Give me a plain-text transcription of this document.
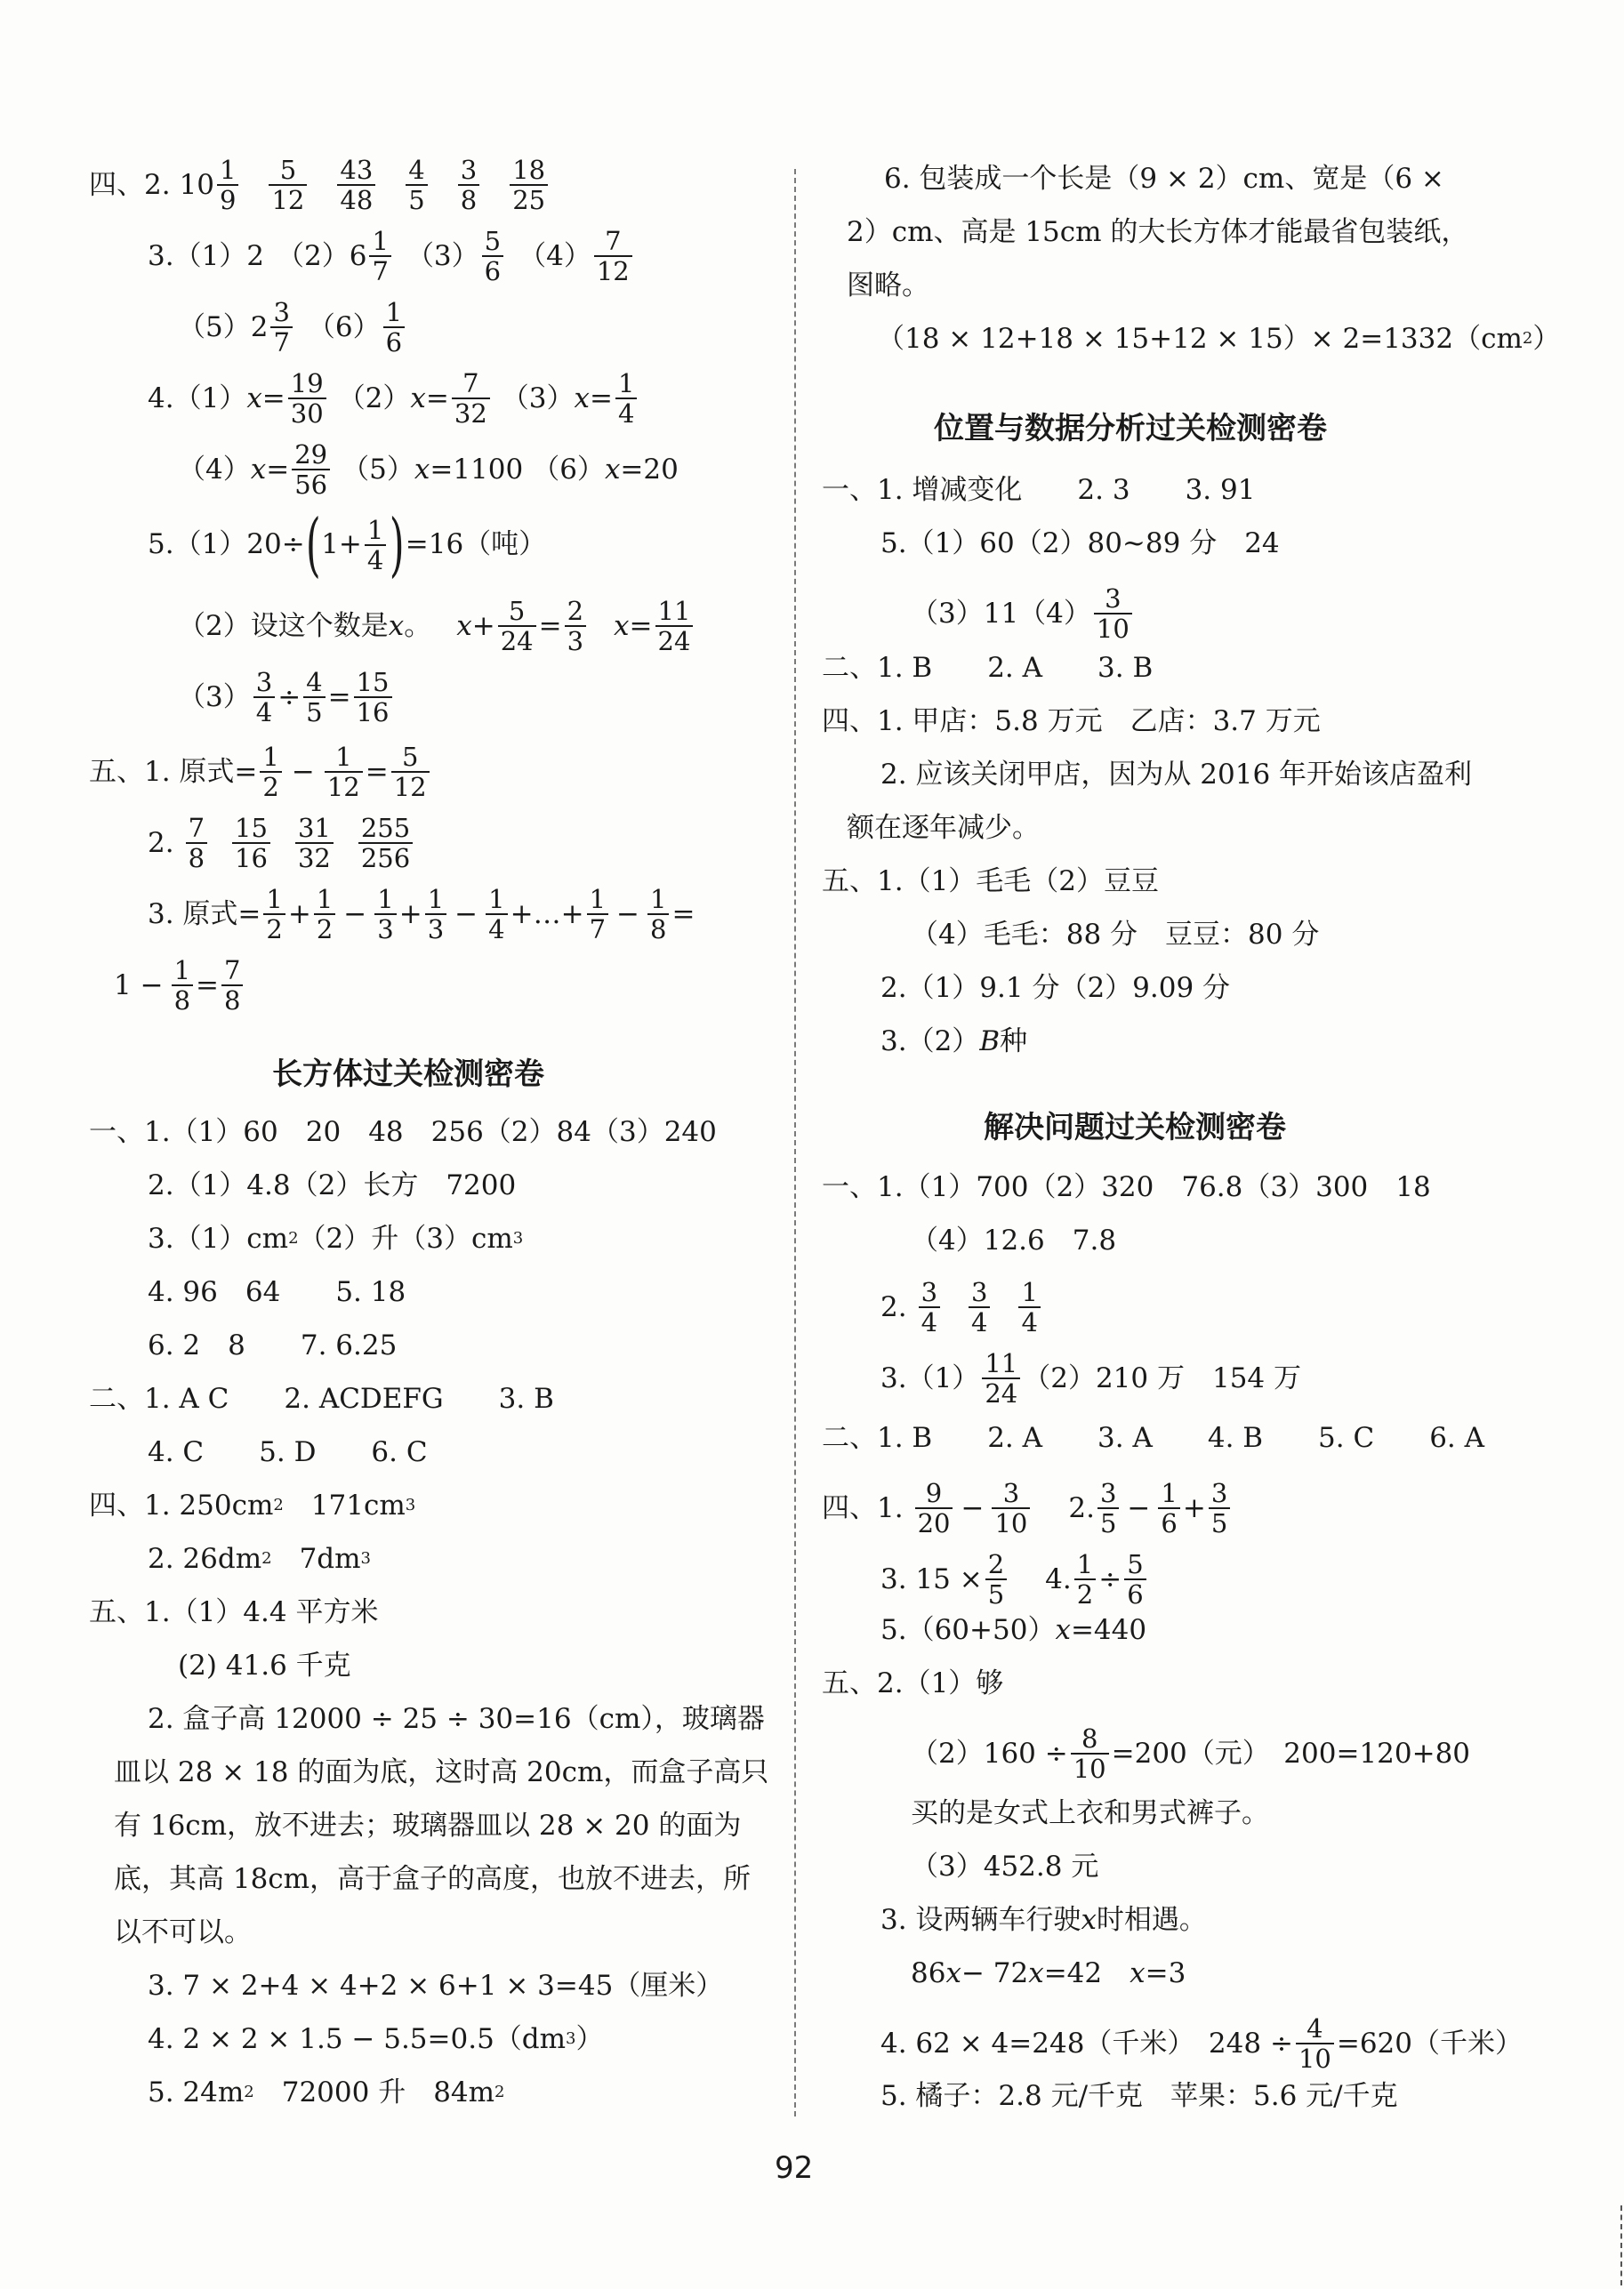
四、2. $10 \frac{1}{9} \frac{5}{12} \frac{43}{48} \frac{4}{5} \frac{3}{8} \frac{18}{25}$
3. （1）2 $(2)6 \frac{1}{7} (3) \frac{5}{6} (4) \frac{7}{12}$
$(5)2 \frac{3}{7} (6) \frac{1}{6}$
4. （1） $x = \frac{19}{30} (2) x = \frac{7}{32} (3) x = \frac{1}{4}$
（4） $x = \frac{29}{56} (5)$ x =1100 （6） x =20
5. （1）20÷ ( $1+ \frac{1}{4}$ ) =16（吨）
（2）设这个数是 x 。 $x + \frac{5}{24} = \frac{2}{3}$ $x = \frac{11}{24}$
$(3) \frac{3}{4} \div \frac{4}{5} = \frac{15}{16}$
五、1. 原式= $\frac{1}{2} - \frac{1}{12} = \frac{5}{12}$
2. $\frac{7}{8} \frac{15}{16} \frac{31}{32} \frac{255}{256}$
3. 原式= $\frac{1}{2} + \frac{1}{2} - \frac{1}{3} + \frac{1}{3} - \frac{1}{4}$ +…+ $\frac{1}{7} - \frac{1}{8}$ =
$1 - \frac{1}{8} = \frac{7}{8}$
长方体过关检测密卷
一、1.（1）60　20　48　256（2）84（3）240
2.（1）4.8（2）长方　7200
3.（1）cm 2 （2）升（3）cm 3
4. 96　64　　5. 18
6. 2　8　　7. 6.25
二、1. A C　　2. ACDEFG　　3. B
4. C　　5. D　　6. C
四、1. 250cm 2 　171cm 3
2. 26dm 2 　7dm 3
五、1.（1）4.4 平方米
(2) 41.6 千克
2. 盒子高 12000 ÷ 25 ÷ 30=16（cm），玻璃器
皿以 28 × 18 的面为底，这时高 20cm，而盒子高只
有 16cm，放不进去；玻璃器皿以 28 × 20 的面为
底，其高 18cm，高于盒子的高度，也放不进去，所
以不可以。
3. 7 × 2+4 × 4+2 × 6+1 × 3=45（厘米）
4. 2 × 2 × 1.5 − 5.5=0.5（dm 3 ）
5. 24m 2 　72000 升　84m 2
6. 包装成一个长是（9 × 2）cm、宽是（6 ×
2）cm、高是 15cm 的大长方体才能最省包装纸，
图略。
（18 × 12+18 × 15+12 × 15）× 2=1332（cm 2 ）
位置与数据分析过关检测密卷
一、1. 增减变化　　2. 3　　3. 91
5.（1）60（2）80~89 分　24
$(3)11(4) \frac{3}{10}$
二、1. B　　2. A　　3. B
四、1. 甲店：5.8 万元　乙店：3.7 万元
2. 应该关闭甲店，因为从 2016 年开始该店盈利
额在逐年减少。
五、1.（1）毛毛（2）豆豆
（4）毛毛：88 分　豆豆：80 分
2.（1）9.1 分（2）9.09 分
3.（2） B 种
解决问题过关检测密卷
一、1.（1）700（2）320　76.8（3）300　18
（4）12.6　7.8
2. $\frac{3}{4} \frac{3}{4} \frac{1}{4}$
$3.(1) \frac{11}{24} (2)210$ 万　154 万
二、1. B　　2. A　　3. A　　4. B　　5. C　　6. A
四、1. $\frac{9}{20} - \frac{3}{10} 2$. $\frac{3}{5} - \frac{1}{6} + \frac{3}{5}$
3. $15 \times \frac{2}{5} 4$. $\frac{1}{2} \div \frac{5}{6}$
5.（60+50） x =440
五、2.（1）够
$(2)160 \div \frac{8}{10} =200$（元）　200=120+80
买的是女式上衣和男式裤子。
（3）452.8 元
3. 设两辆车行驶 x 时相遇。
86 x − 72 x =42　 x =3
4. 62 × 4=248（千米）　$248 \div \frac{4}{10} =620$（千米）
5. 橘子：2.8 元/千克　苹果：5.6 元/千克
92
